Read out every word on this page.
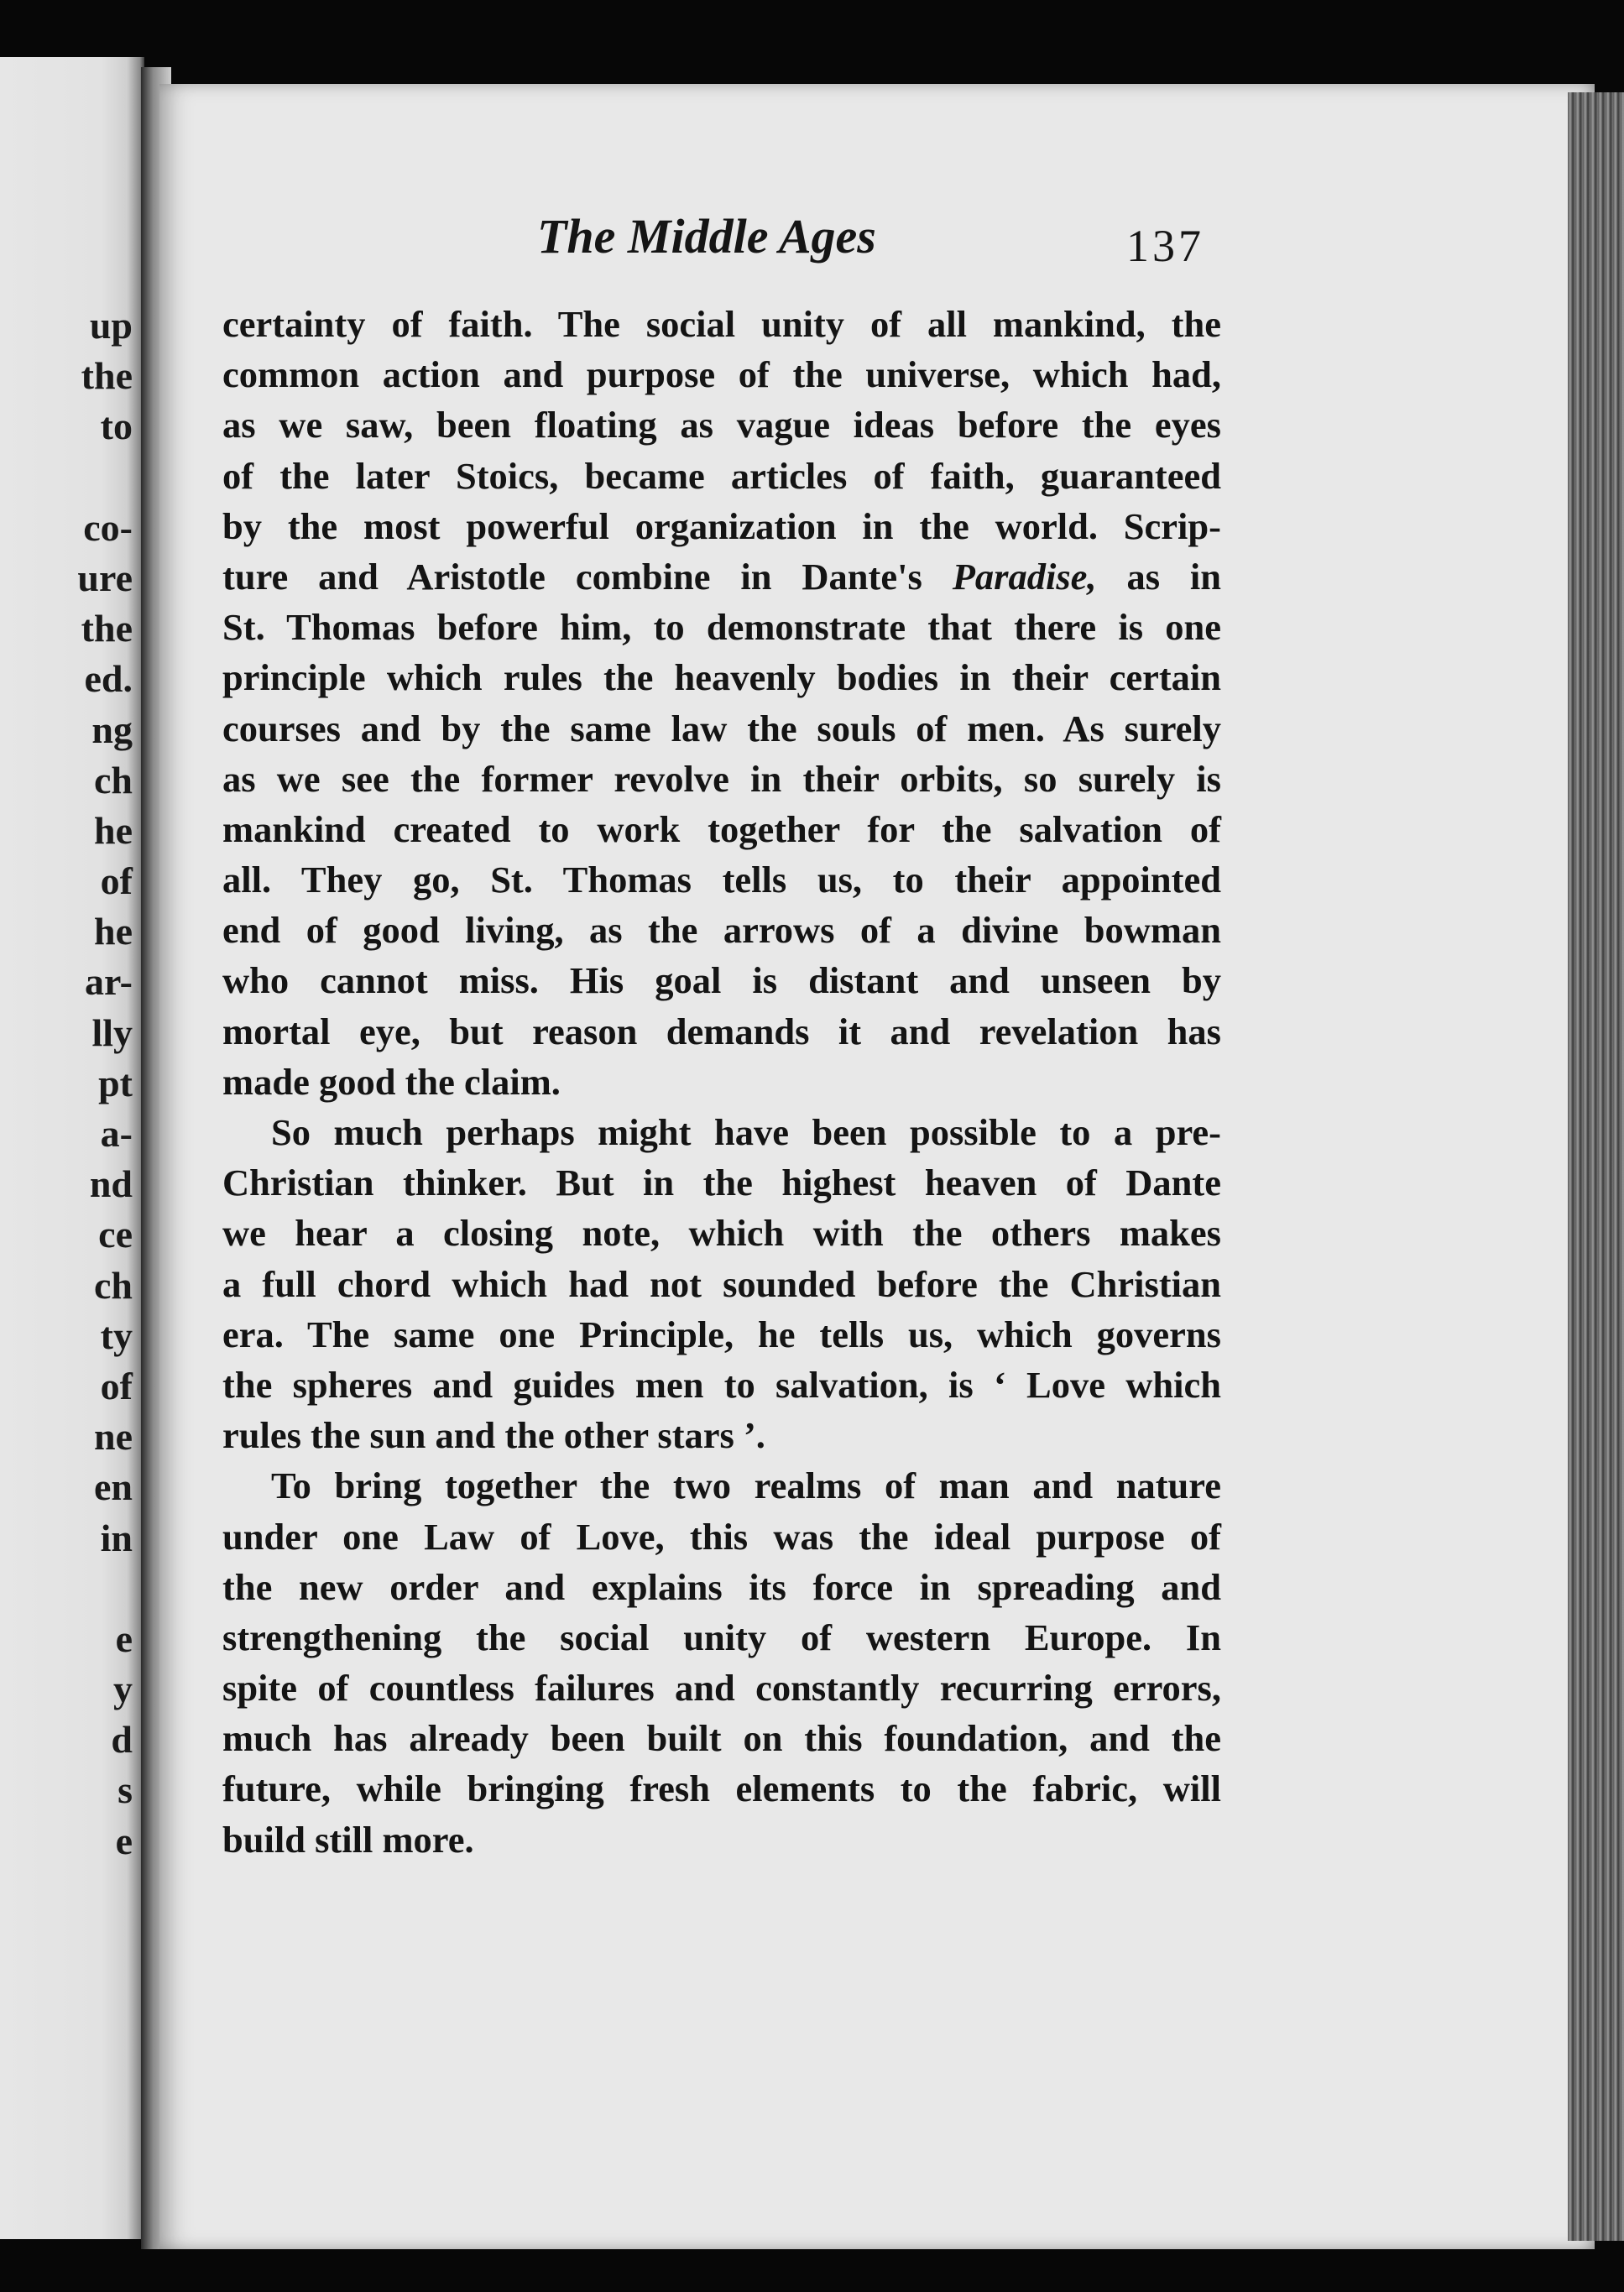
up
the
to
co-
ure
the
ed.
ng
ch
he
of
he
ar-
lly
pt
a-
nd
ce
ch
ty
of
ne
en
in
e
y
d
s
e
The Middle Ages	137
certainty of faith. The social unity of all mankind, the
common action and purpose of the universe, which had,
as we saw, been floating as vague ideas before the eyes
of the later Stoics, became articles of faith, guaranteed
by the most powerful organization in the world. Scrip-
ture and Aristotle combine in Dante's Paradise, as in
St. Thomas before him, to demonstrate that there is one
principle which rules the heavenly bodies in their certain
courses and by the same law the souls of men. As surely
as we see the former revolve in their orbits, so surely is
mankind created to work together for the salvation of
all. They go, St. Thomas tells us, to their appointed
end of good living, as the arrows of a divine bowman
who cannot miss. His goal is distant and unseen by
mortal eye, but reason demands it and revelation has
made good the claim.
So much perhaps might have been possible to a pre-
Christian thinker. But in the highest heaven of Dante
we hear a closing note, which with the others makes
a full chord which had not sounded before the Christian
era. The same one Principle, he tells us, which governs
the spheres and guides men to salvation, is ‘ Love which
rules the sun and the other stars ’.
To bring together the two realms of man and nature
under one Law of Love, this was the ideal purpose of
the new order and explains its force in spreading and
strengthening the social unity of western Europe. In
spite of countless failures and constantly recurring errors,
much has already been built on this foundation, and the
future, while bringing fresh elements to the fabric, will
build still more.
